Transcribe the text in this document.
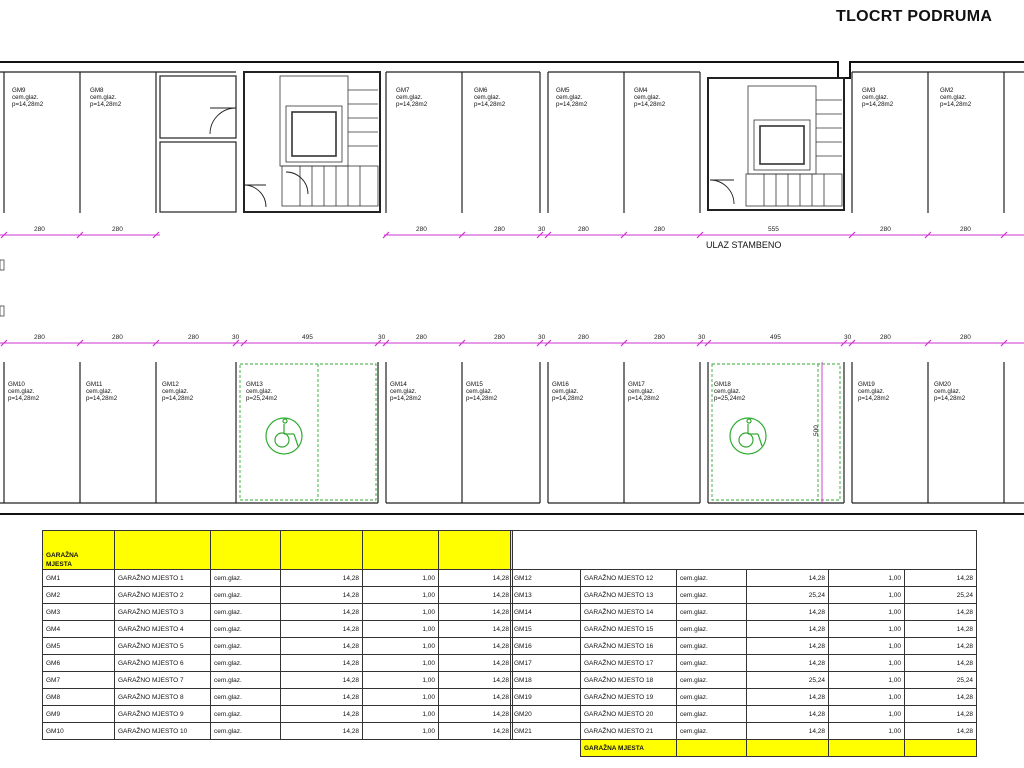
TLOCRT PODRUMA
280	280	280	280	30	280	280	555	280	280
280	280	280	30	495	30	280	280	30	280	280	30	495	30	280	280
500
ULAZ STAMBENO
GM9
cem.glaz.
p=14,28m2
GM8
cem.glaz.
p=14,28m2
GM7
cem.glaz.
p=14,28m2
GM6
cem.glaz.
p=14,28m2
GM5
cem.glaz.
p=14,28m2
GM4
cem.glaz.
p=14,28m2
GM3
cem.glaz.
p=14,28m2
GM2
cem.glaz.
p=14,28m2
GM10
cem.glaz.
p=14,28m2
GM11
cem.glaz.
p=14,28m2
GM12
cem.glaz.
p=14,28m2
GM13
cem.glaz.
p=25,24m2
GM14
cem.glaz.
p=14,28m2
GM15
cem.glaz.
p=14,28m2
GM16
cem.glaz.
p=14,28m2
GM17
cem.glaz.
p=14,28m2
GM18
cem.glaz.
p=25,24m2
GM19
cem.glaz.
p=14,28m2
GM20
cem.glaz.
p=14,28m2
GARAŽNA
MJESTA					
GM1	GARAŽNO MJESTO 1	cem.glaz.	14,28	1,00	14,28
GM2	GARAŽNO MJESTO 2	cem.glaz.	14,28	1,00	14,28
GM3	GARAŽNO MJESTO 3	cem.glaz.	14,28	1,00	14,28
GM4	GARAŽNO MJESTO 4	cem.glaz.	14,28	1,00	14,28
GM5	GARAŽNO MJESTO 5	cem.glaz.	14,28	1,00	14,28
GM6	GARAŽNO MJESTO 6	cem.glaz.	14,28	1,00	14,28
GM7	GARAŽNO MJESTO 7	cem.glaz.	14,28	1,00	14,28
GM8	GARAŽNO MJESTO 8	cem.glaz.	14,28	1,00	14,28
GM9	GARAŽNO MJESTO 9	cem.glaz.	14,28	1,00	14,28
GM10	GARAŽNO MJESTO 10	cem.glaz.	14,28	1,00	14,28

GM12	GARAŽNO MJESTO 12	cem.glaz.	14,28	1,00	14,28
GM13	GARAŽNO MJESTO 13	cem.glaz.	25,24	1,00	25,24
GM14	GARAŽNO MJESTO 14	cem.glaz.	14,28	1,00	14,28
GM15	GARAŽNO MJESTO 15	cem.glaz.	14,28	1,00	14,28
GM16	GARAŽNO MJESTO 16	cem.glaz.	14,28	1,00	14,28
GM17	GARAŽNO MJESTO 17	cem.glaz.	14,28	1,00	14,28
GM18	GARAŽNO MJESTO 18	cem.glaz.	25,24	1,00	25,24
GM19	GARAŽNO MJESTO 19	cem.glaz.	14,28	1,00	14,28
GM20	GARAŽNO MJESTO 20	cem.glaz.	14,28	1,00	14,28
GM21	GARAŽNO MJESTO 21	cem.glaz.	14,28	1,00	14,28
	GARAŽNA MJESTA				
